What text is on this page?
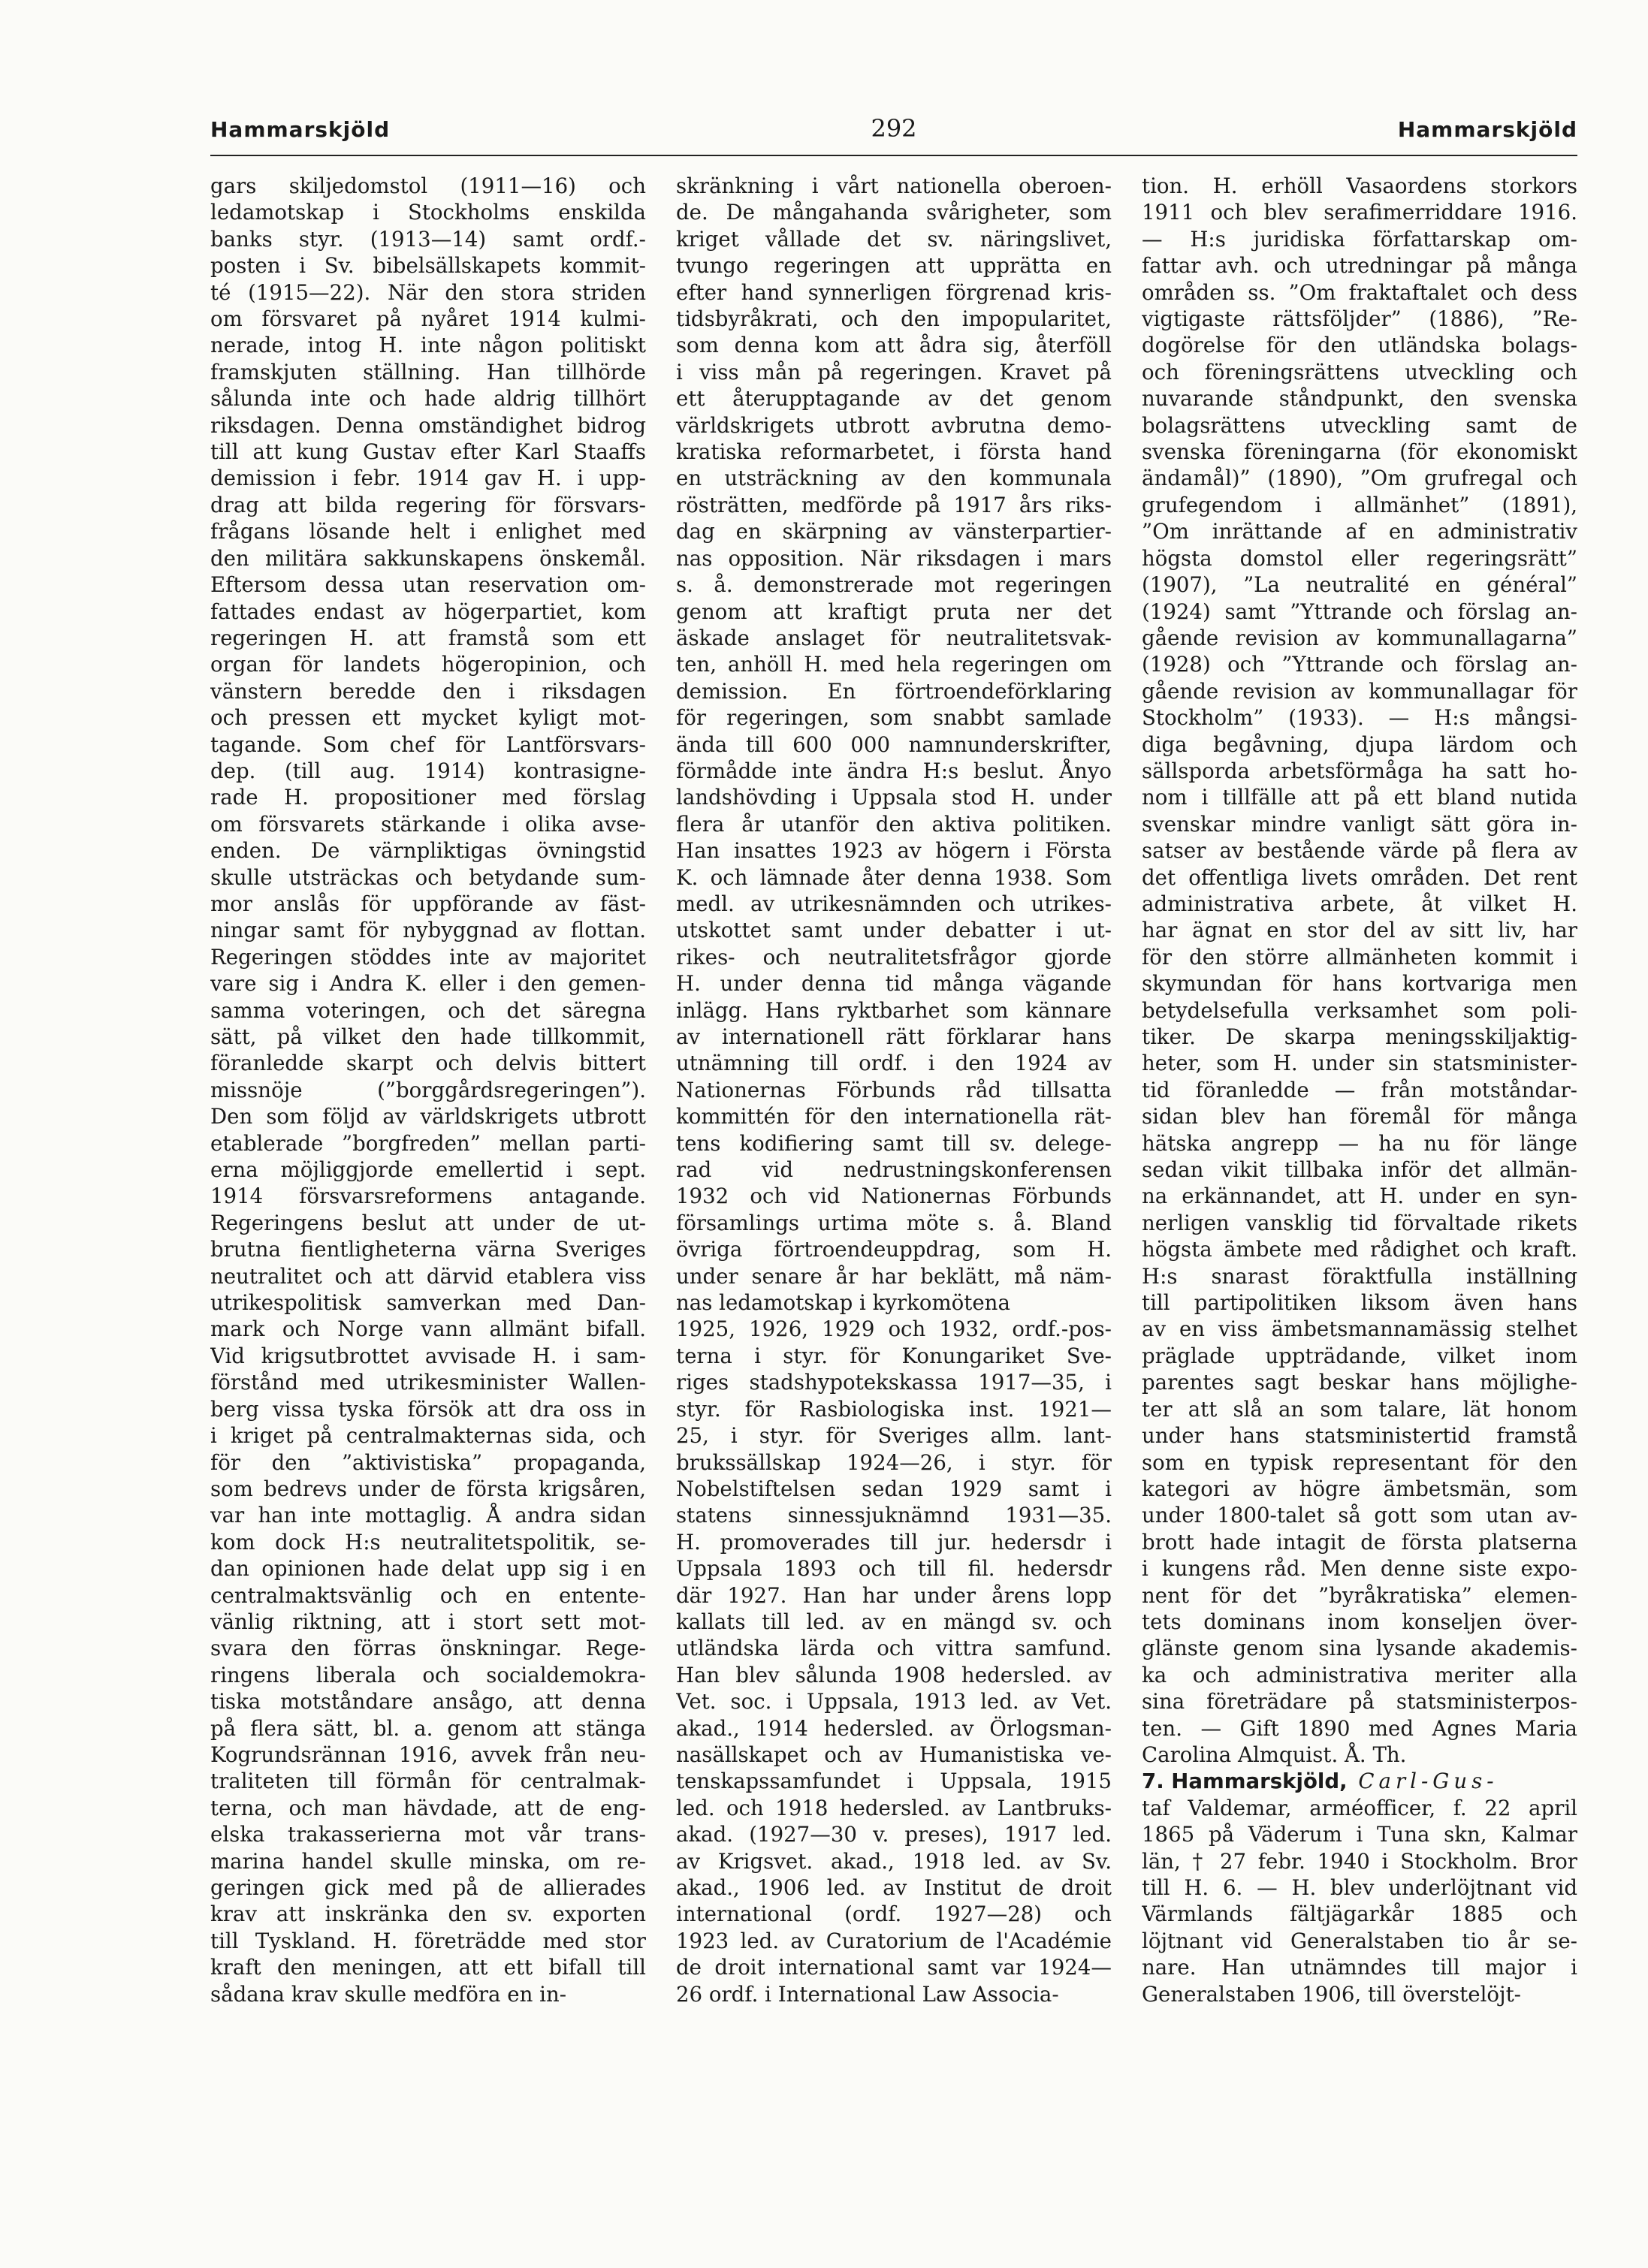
Hammarskjöld	292	Hammarskjöld
gars skiljedomstol (1911—16) och
ledamotskap i Stockholms enskilda
banks styr. (1913—14) samt ordf.-
posten i Sv. bibelsällskapets kommit-
té (1915—22). När den stora striden
om försvaret på nyåret 1914 kulmi-
nerade, intog H. inte någon politiskt
framskjuten ställning. Han tillhörde
sålunda inte och hade aldrig tillhört
riksdagen. Denna omständighet bidrog
till att kung Gustav efter Karl Staaffs
demission i febr. 1914 gav H. i upp-
drag att bilda regering för försvars-
frågans lösande helt i enlighet med
den militära sakkunskapens önskemål.
Eftersom dessa utan reservation om-
fattades endast av högerpartiet, kom
regeringen H. att framstå som ett
organ för landets högeropinion, och
vänstern beredde den i riksdagen
och pressen ett mycket kyligt mot-
tagande. Som chef för Lantförsvars-
dep. (till aug. 1914) kontrasigne-
rade H. propositioner med förslag
om försvarets stärkande i olika avse-
enden. De värnpliktigas övningstid
skulle utsträckas och betydande sum-
mor anslås för uppförande av fäst-
ningar samt för nybyggnad av flottan.
Regeringen stöddes inte av majoritet
vare sig i Andra K. eller i den gemen-
samma voteringen, och det säregna
sätt, på vilket den hade tillkommit,
föranledde skarpt och delvis bittert
missnöje (”borggårdsregeringen”).
Den som följd av världskrigets utbrott
etablerade ”borgfreden” mellan parti-
erna möjliggjorde emellertid i sept.
1914 försvarsreformens antagande.
Regeringens beslut att under de ut-
brutna fientligheterna värna Sveriges
neutralitet och att därvid etablera viss
utrikespolitisk samverkan med Dan-
mark och Norge vann allmänt bifall.
Vid krigsutbrottet avvisade H. i sam-
förstånd med utrikesminister Wallen-
berg vissa tyska försök att dra oss in
i kriget på centralmakternas sida, och
för den ”aktivistiska” propaganda,
som bedrevs under de första krigsåren,
var han inte mottaglig. Å andra sidan
kom dock H:s neutralitetspolitik, se-
dan opinionen hade delat upp sig i en
centralmaktsvänlig och en entente-
vänlig riktning, att i stort sett mot-
svara den förras önskningar. Rege-
ringens liberala och socialdemokra-
tiska motståndare ansågo, att denna
på flera sätt, bl. a. genom att stänga
Kogrundsrännan 1916, avvek från neu-
traliteten till förmån för centralmak-
terna, och man hävdade, att de eng-
elska trakasserierna mot vår trans-
marina handel skulle minska, om re-
geringen gick med på de allierades
krav att inskränka den sv. exporten
till Tyskland. H. företrädde med stor
kraft den meningen, att ett bifall till
sådana krav skulle medföra en in-
skränkning i vårt nationella oberoen-
de. De mångahanda svårigheter, som
kriget vållade det sv. näringslivet,
tvungo regeringen att upprätta en
efter hand synnerligen förgrenad kris-
tidsbyråkrati, och den impopularitet,
som denna kom att ådra sig, återföll
i viss mån på regeringen. Kravet på
ett återupptagande av det genom
världskrigets utbrott avbrutna demo-
kratiska reformarbetet, i första hand
en utsträckning av den kommunala
rösträtten, medförde på 1917 års riks-
dag en skärpning av vänsterpartier-
nas opposition. När riksdagen i mars
s. å. demonstrerade mot regeringen
genom att kraftigt pruta ner det
äskade anslaget för neutralitetsvak-
ten, anhöll H. med hela regeringen om
demission. En förtroendeförklaring
för regeringen, som snabbt samlade
ända till 600 000 namnunderskrifter,
förmådde inte ändra H:s beslut. Ånyo
landshövding i Uppsala stod H. under
flera år utanför den aktiva politiken.
Han insattes 1923 av högern i Första
K. och lämnade åter denna 1938. Som
medl. av utrikesnämnden och utrikes-
utskottet samt under debatter i ut-
rikes- och neutralitetsfrågor gjorde
H. under denna tid många vägande
inlägg. Hans ryktbarhet som kännare
av internationell rätt förklarar hans
utnämning till ordf. i den 1924 av
Nationernas Förbunds råd tillsatta
kommittén för den internationella rät-
tens kodifiering samt till sv. delege-
rad vid nedrustningskonferensen
1932 och vid Nationernas Förbunds
församlings urtima möte s. å. Bland
övriga förtroendeuppdrag, som H.
under senare år har beklätt, må näm-
nas ledamotskap i kyrkomötena
1925, 1926, 1929 och 1932, ordf.-pos-
terna i styr. för Konungariket Sve-
riges stadshypotekskassa 1917—35, i
styr. för Rasbiologiska inst. 1921—
25, i styr. för Sveriges allm. lant-
brukssällskap 1924—26, i styr. för
Nobelstiftelsen sedan 1929 samt i
statens sinnessjuknämnd 1931—35.
H. promoverades till jur. hedersdr i
Uppsala 1893 och till fil. hedersdr
där 1927. Han har under årens lopp
kallats till led. av en mängd sv. och
utländska lärda och vittra samfund.
Han blev sålunda 1908 hedersled. av
Vet. soc. i Uppsala, 1913 led. av Vet.
akad., 1914 hedersled. av Örlogsman-
nasällskapet och av Humanistiska ve-
tenskapssamfundet i Uppsala, 1915
led. och 1918 hedersled. av Lantbruks-
akad. (1927—30 v. preses), 1917 led.
av Krigsvet. akad., 1918 led. av Sv.
akad., 1906 led. av Institut de droit
international (ordf. 1927—28) och
1923 led. av Curatorium de l'Académie
de droit international samt var 1924—
26 ordf. i International Law Associa-
tion. H. erhöll Vasaordens storkors
1911 och blev serafimerriddare 1916.
— H:s juridiska författarskap om-
fattar avh. och utredningar på många
områden ss. ”Om fraktaftalet och dess
vigtigaste rättsföljder” (1886), ”Re-
dogörelse för den utländska bolags-
och föreningsrättens utveckling och
nuvarande ståndpunkt, den svenska
bolagsrättens utveckling samt de
svenska föreningarna (för ekonomiskt
ändamål)” (1890), ”Om grufregal och
grufegendom i allmänhet” (1891),
”Om inrättande af en administrativ
högsta domstol eller regeringsrätt”
(1907), ”La neutralité en général”
(1924) samt ”Yttrande och förslag an-
gående revision av kommunallagarna”
(1928) och ”Yttrande och förslag an-
gående revision av kommunallagar för
Stockholm” (1933). — H:s mångsi-
diga begåvning, djupa lärdom och
sällsporda arbetsförmåga ha satt ho-
nom i tillfälle att på ett bland nutida
svenskar mindre vanligt sätt göra in-
satser av bestående värde på flera av
det offentliga livets områden. Det rent
administrativa arbete, åt vilket H.
har ägnat en stor del av sitt liv, har
för den större allmänheten kommit i
skymundan för hans kortvariga men
betydelsefulla verksamhet som poli-
tiker. De skarpa meningsskiljaktig-
heter, som H. under sin statsminister-
tid föranledde — från motståndar-
sidan blev han föremål för många
hätska angrepp — ha nu för länge
sedan vikit tillbaka inför det allmän-
na erkännandet, att H. under en syn-
nerligen vansklig tid förvaltade rikets
högsta ämbete med rådighet och kraft.
H:s snarast föraktfulla inställning
till partipolitiken liksom även hans
av en viss ämbetsmannamässig stelhet
präglade uppträdande, vilket inom
parentes sagt beskar hans möjlighe-
ter att slå an som talare, lät honom
under hans statsministertid framstå
som en typisk representant för den
kategori av högre ämbetsmän, som
under 1800-talet så gott som utan av-
brott hade intagit de första platserna
i kungens råd. Men denne siste expo-
nent för det ”byråkratiska” elemen-
tets dominans inom konseljen över-
glänste genom sina lysande akademis-
ka och administrativa meriter alla
sina företrädare på statsministerpos-
ten. — Gift 1890 med Agnes Maria
Carolina Almquist. Å. Th.
7. Hammarskjöld, Carl-Gus-
taf Valdemar, arméofficer, f. 22 april
1865 på Väderum i Tuna skn, Kalmar
län, † 27 febr. 1940 i Stockholm. Bror
till H. 6. — H. blev underlöjtnant vid
Värmlands fältjägarkår 1885 och
löjtnant vid Generalstaben tio år se-
nare. Han utnämndes till major i
Generalstaben 1906, till överstelöjt-
